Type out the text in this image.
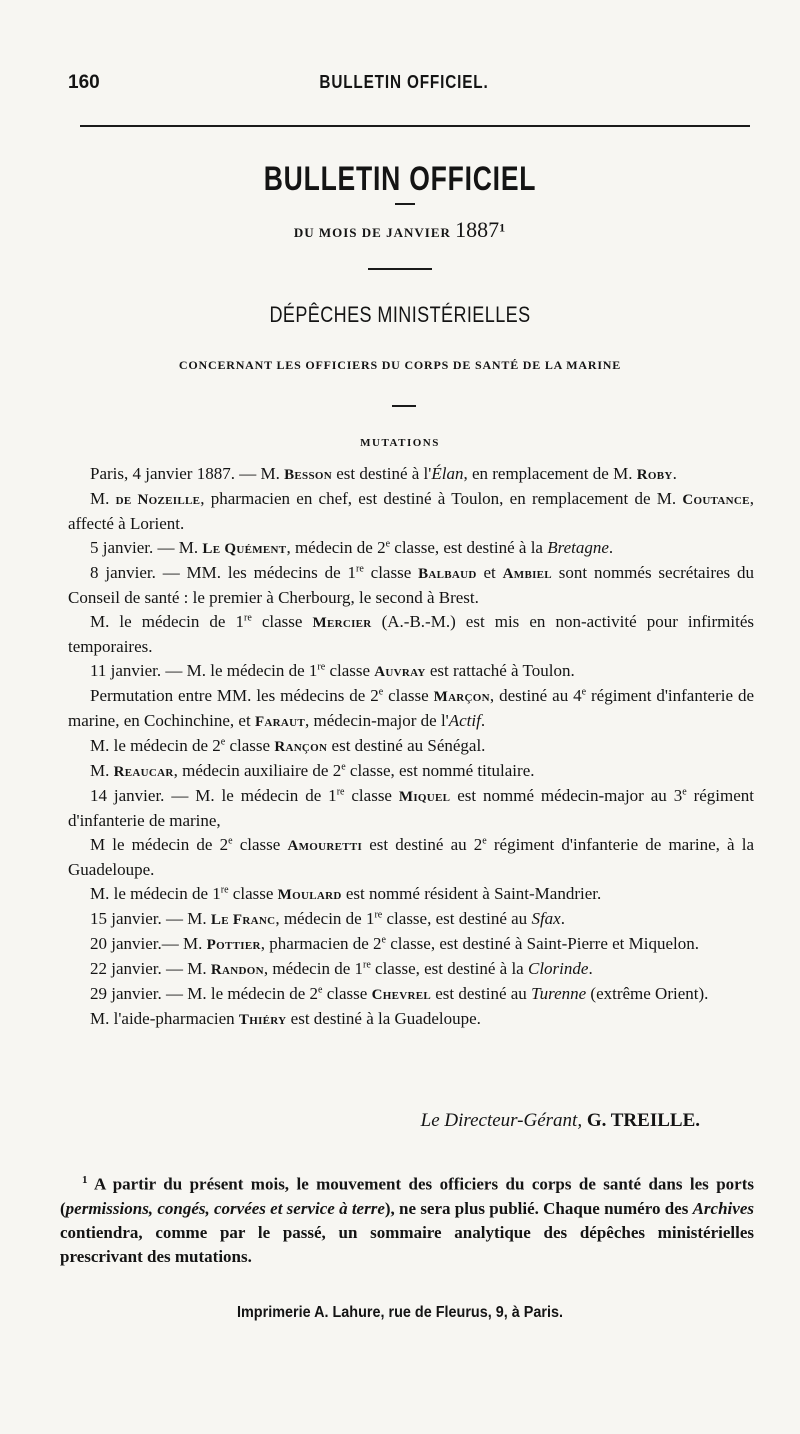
160	BULLETIN OFFICIEL.
BULLETIN OFFICIEL
DU MOIS DE JANVIER 1887$^1$
DÉPÊCHES MINISTÉRIELLES
CONCERNANT LES OFFICIERS DU CORPS DE SANTÉ DE LA MARINE
MUTATIONS

Paris, 4 janvier 1887. — M. Besson est destiné à l'Élan, en remplacement de M. Roby.

M. de Nozeille, pharmacien en chef, est destiné à Toulon, en remplacement de M. Coutance, affecté à Lorient.

5 janvier. — M. Le Quément, médecin de 2e classe, est destiné à la Bretagne.

8 janvier. — MM. les médecins de 1re classe Balbaud et Ambiel sont nommés secrétaires du Conseil de santé : le premier à Cherbourg, le second à Brest.

M. le médecin de 1re classe Mercier (A.-B.-M.) est mis en non-activité pour infirmités temporaires.

11 janvier. — M. le médecin de 1re classe Auvray est rattaché à Toulon.

Permutation entre MM. les médecins de 2e classe Marçon, destiné au 4e régiment d'infanterie de marine, en Cochinchine, et Faraut, médecin-major de l'Actif.

M. le médecin de 2e classe Rançon est destiné au Sénégal.

M. Reaucar, médecin auxiliaire de 2e classe, est nommé titulaire.

14 janvier. — M. le médecin de 1re classe Miquel est nommé médecin-major au 3e régiment d'infanterie de marine,

M le médecin de 2e classe Amouretti est destiné au 2e régiment d'infanterie de marine, à la Guadeloupe.

M. le médecin de 1re classe Moulard est nommé résident à Saint-Mandrier.

15 janvier. — M. Le Franc, médecin de 1re classe, est destiné au Sfax.

20 janvier.— M. Pottier, pharmacien de 2e classe, est destiné à Saint-Pierre et Miquelon.

22 janvier. — M. Randon, médecin de 1re classe, est destiné à la Clorinde.

29 janvier. — M. le médecin de 2e classe Chevrel est destiné au Turenne (extrême Orient).

M. l'aide-pharmacien Thiéry est destiné à la Guadeloupe.

Le Directeur-Gérant, G. TREILLE.

$^1$ A partir du présent mois, le mouvement des officiers du corps de santé dans les ports (permissions, congés, corvées et service à terre), ne sera plus publié. Chaque numéro des Archives contiendra, comme par le passé, un sommaire analytique des dépêches ministérielles prescrivant des mutations.

Imprimerie A. Lahure, rue de Fleurus, 9, à Paris.
